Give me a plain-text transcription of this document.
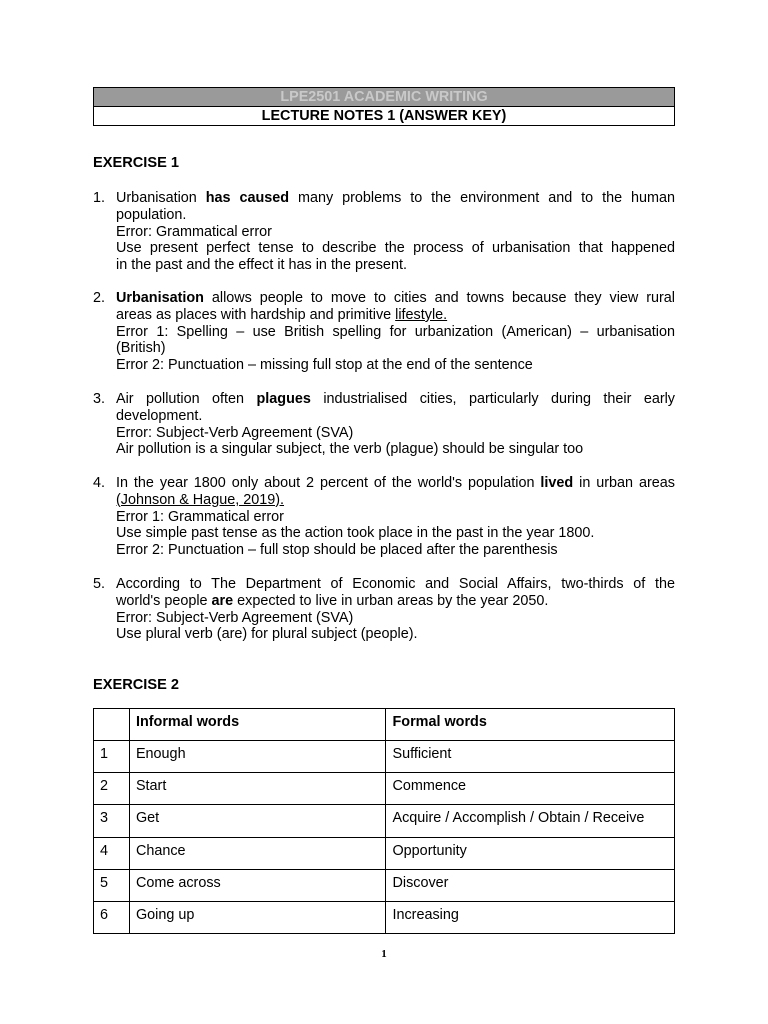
LPE2501 ACADEMIC WRITING
LECTURE NOTES 1 (ANSWER KEY)
EXERCISE 1
1. Urbanisation has caused many problems to the environment and to the human
population.
Error: Grammatical error
Use present perfect tense to describe the process of urbanisation that happened
in the past and the effect it has in the present.
2. Urbanisation allows people to move to cities and towns because they view rural
areas as places with hardship and primitive lifestyle.
Error 1: Spelling – use British spelling for urbanization (American) – urbanisation
(British)
Error 2: Punctuation – missing full stop at the end of the sentence
3. Air pollution often plagues industrialised cities, particularly during their early
development.
Error: Subject-Verb Agreement (SVA)
Air pollution is a singular subject, the verb (plague) should be singular too
4. In the year 1800 only about 2 percent of the world's population lived in urban areas
(Johnson & Hague, 2019).
Error 1: Grammatical error
Use simple past tense as the action took place in the past in the year 1800.
Error 2: Punctuation – full stop should be placed after the parenthesis
5. According to The Department of Economic and Social Affairs, two-thirds of the
world's people are expected to live in urban areas by the year 2050.
Error: Subject-Verb Agreement (SVA)
Use plural verb (are) for plural subject (people).
EXERCISE 2
	Informal words	Formal words
1	Enough	Sufficient
2	Start	Commence
3	Get	Acquire / Accomplish / Obtain / Receive
4	Chance	Opportunity
5	Come across	Discover
6	Going up	Increasing
1
